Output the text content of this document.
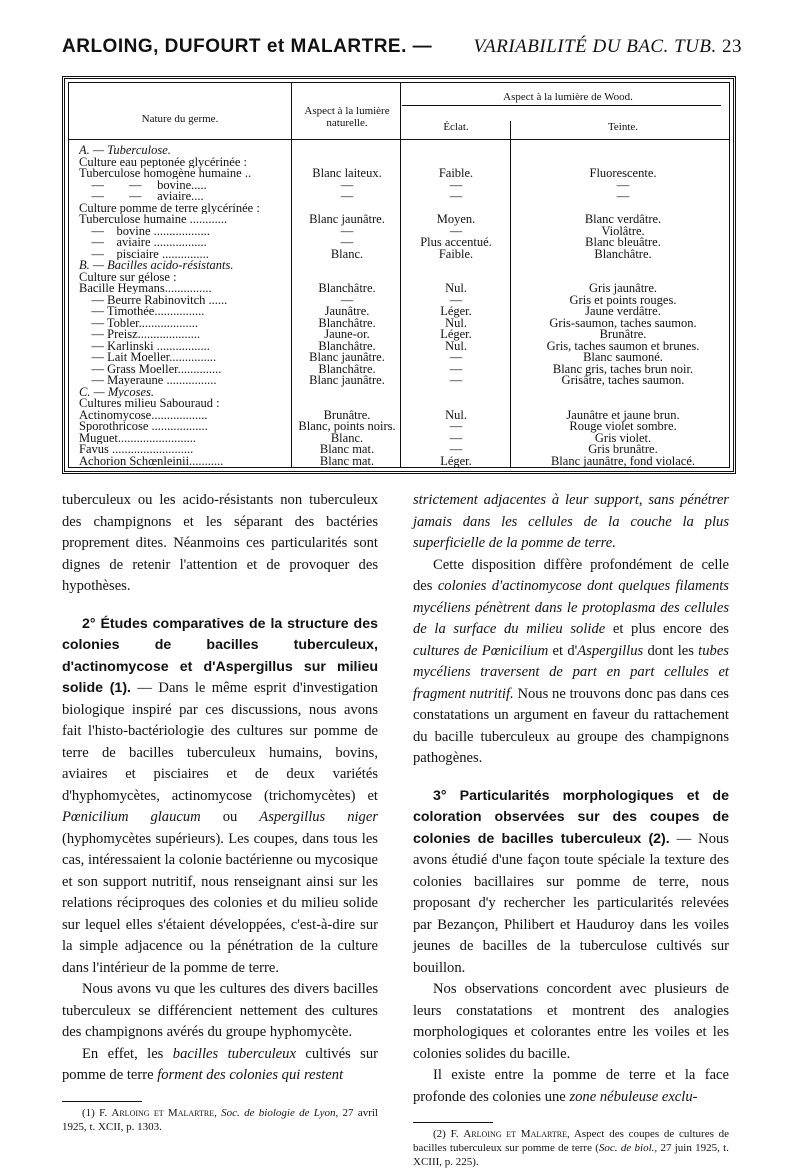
ARLOING, DUFOURT et MALARTRE. — VARIABILITÉ DU BAC. TUB. 23
Nature du germe.
Aspect à la lumière naturelle.
Aspect à la lumière de Wood.
Éclat.	Teinte.
A. — Tuberculose.
Culture eau peptonée glycérinée :
Tuberculose homogène humaine ..	Blanc laiteux.	Faible.	Fluorescente.
—        —     bovine.....	—	—	—
—        —     aviaire....	—	—	—
Culture pomme de terre glycérinée :
Tuberculose humaine ............	Blanc jaunâtre.	Moyen.	Blanc verdâtre.
—    bovine ..................	—	—	Violâtre.
—    aviaire .................	—	Plus accentué.	Blanc bleuâtre.
—    pisciaire ...............	Blanc.	Faible.	Blanchâtre.
B. — Bacilles acido-résistants.
Culture sur gélose :
Bacille Heymans...............	Blanchâtre.	Nul.	Gris jaunâtre.
— Beurre Rabinovitch ......	—	—	Gris et points rouges.
— Timothée................	Jaunâtre.	Léger.	Jaune verdâtre.
— Tobler...................	Blanchâtre.	Nul.	Gris-saumon, taches saumon.
— Preisz....................	Jaune-or.	Léger.	Brunâtre.
— Karlinski .................	Blanchâtre.	Nul.	Gris, taches saumon et brunes.
— Lait Moeller...............	Blanc jaunâtre.	—	Blanc saumoné.
— Grass Moeller..............	Blanchâtre.	—	Blanc gris, taches brun noir.
— Mayeraune ................	Blanc jaunâtre.	—	Grisâtre, taches saumon.
C. — Mycoses.
Cultures milieu Sabouraud :
Actinomycose..................	Brunâtre.	Nul.	Jaunâtre et jaune brun.
Sporothricose ..................	Blanc, points noirs.	—	Rouge violet sombre.
Muguet.........................	Blanc.	—	Gris violet.
Favus ..........................	Blanc mat.	—	Gris brunâtre.
Achorion Schœnleinii...........	Blanc mat.	Léger.	Blanc jaunâtre, fond violacé.

tuberculeux ou les acido-résistants non tuberculeux des champignons et les séparant des bactéries proprement dites. Néanmoins ces particularités sont dignes de retenir l'attention et de provoquer des hypothèses.

2° Études comparatives de la structure des colonies de bacilles tuberculeux, d'actinomycose et d'Aspergillus sur milieu solide (1). — Dans le même esprit d'investigation biologique inspiré par ces discussions, nous avons fait l'histo-bactériologie des cultures sur pomme de terre de bacilles tuberculeux humains, bovins, aviaires et pisciaires et de deux variétés d'hyphomycètes, actinomycose (trichomycètes) et Pœnicilium glaucum ou Aspergillus niger (hyphomycètes supérieurs). Les coupes, dans tous les cas, intéressaient la colonie bactérienne ou mycosique et son support nutritif, nous renseignant ainsi sur les relations réciproques des colonies et du milieu solide sur lequel elles s'étaient développées, c'est-à-dire sur la simple adjacence ou la pénétration de la culture dans l'intérieur de la pomme de terre.

Nous avons vu que les cultures des divers bacilles tuberculeux se différencient nettement des cultures des champignons avérés du groupe hyphomycète.

En effet, les bacilles tuberculeux cultivés sur pomme de terre forment des colonies qui restent

(1) F. Arloing et Malartre, Soc. de biologie de Lyon, 27 avril 1925, t. XCII, p. 1303.

strictement adjacentes à leur support, sans pénétrer jamais dans les cellules de la couche la plus superficielle de la pomme de terre.

Cette disposition diffère profondément de celle des colonies d'actinomycose dont quelques filaments mycéliens pénètrent dans le protoplasma des cellules de la surface du milieu solide et plus encore des cultures de Pœnicilium et d'Aspergillus dont les tubes mycéliens traversent de part en part cellules et fragment nutritif. Nous ne trouvons donc pas dans ces constatations un argument en faveur du rattachement du bacille tuberculeux au groupe des champignons pathogènes.

3° Particularités morphologiques et de coloration observées sur des coupes de colonies de bacilles tuberculeux (2). — Nous avons étudié d'une façon toute spéciale la texture des colonies bacillaires sur pomme de terre, nous proposant d'y rechercher les particularités relevées par Bezançon, Philibert et Hauduroy dans les voiles jeunes de bacilles de la tuberculose cultivés sur bouillon.

Nos observations concordent avec plusieurs de leurs constatations et montrent des analogies morphologiques et colorantes entre les voiles et les colonies solides du bacille.

Il existe entre la pomme de terre et la face profonde des colonies une zone nébuleuse exclu-

(2) F. Arloing et Malartre, Aspect des coupes de cultures de bacilles tuberculeux sur pomme de terre (Soc. de biol., 27 juin 1925, t. XCIII, p. 225).
